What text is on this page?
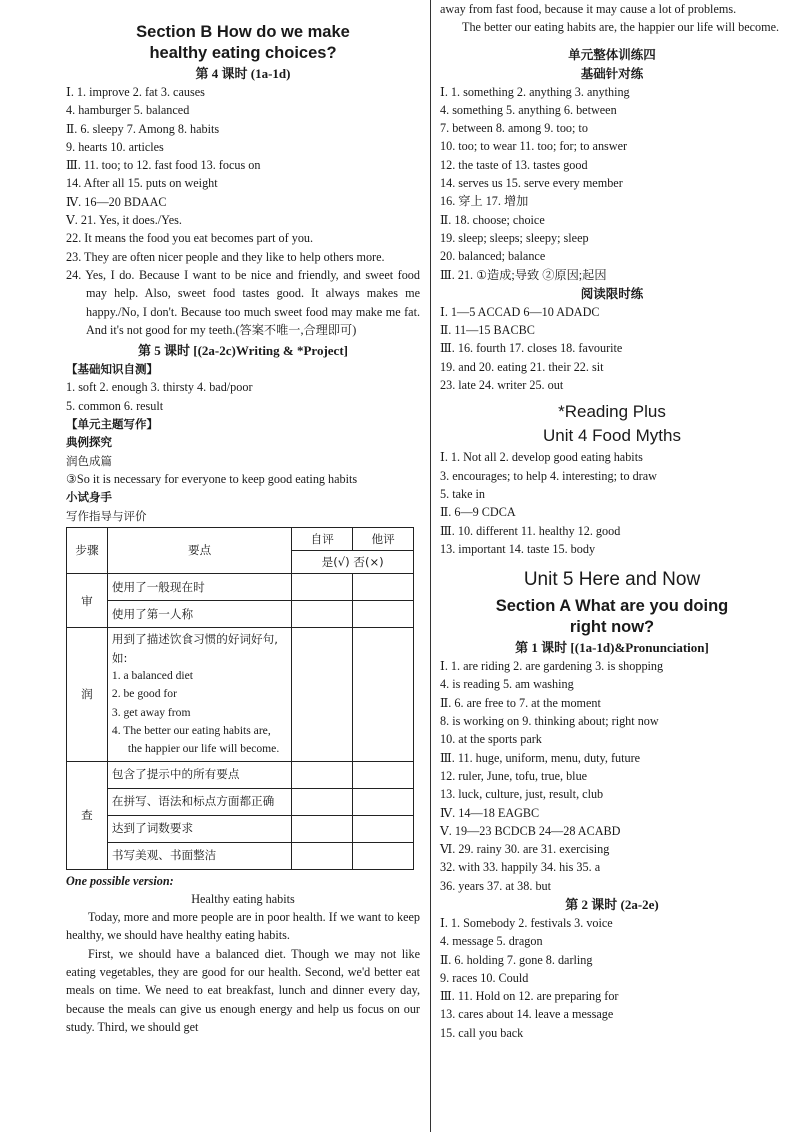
Section B How do we make
healthy eating choices?
第 4 课时 (1a-1d)
Ⅰ. 1. improve 2. fat 3. causes
4. hamburger 5. balanced
Ⅱ. 6. sleepy 7. Among 8. habits
9. hearts 10. articles
Ⅲ. 11. too; to 12. fast food 13. focus on
14. After all 15. puts on weight
Ⅳ. 16—20 BDAAC
Ⅴ. 21. Yes, it does./Yes.
22. It means the food you eat becomes part of you.
23. They are often nicer people and they like to help others more.
24. Yes, I do. Because I want to be nice and friendly, and sweet food may help. Also, sweet food tastes good. It always makes me happy./No, I don't. Because too much sweet food may make me fat. And it's not good for my teeth.(答案不唯一,合理即可)
第 5 课时 [(2a-2c)Writing & *Project]
【基础知识自测】
1. soft 2. enough 3. thirsty 4. bad/poor
5. common 6. result
【单元主题写作】
典例探究
润色成篇
③So it is necessary for everyone to keep good eating habits
小试身手
写作指导与评价
步骤	要点	自评	他评
		是(√) 否(×)	
审	使用了一般现在时		
	使用了第一人称		
润	用到了描述饮食习惯的好词好句,如:
1. a balanced diet
2. be good for
3. get away from
4. The better our eating habits are, the happier our life will become.		

查	包含了提示中的所有要点		
	在拼写、语法和标点方面都正确		
	达到了词数要求		
	书写美观、书面整洁		
One possible version:
Healthy eating habits
Today, more and more people are in poor health. If we want to keep healthy, we should have healthy eating habits.
First, we should have a balanced diet. Though we may not like eating vegetables, they are good for our health. Second, we'd better eat meals on time. We need to eat breakfast, lunch and dinner every day, because the meals can give us enough energy and help us focus on our study. Third, we should get
away from fast food, because it may cause a lot of problems.
The better our eating habits are, the happier our life will become.
单元整体训练四
基础针对练
Ⅰ. 1. something 2. anything 3. anything
4. something 5. anything 6. between
7. between 8. among 9. too; to
10. too; to wear 11. too; for; to answer
12. the taste of 13. tastes good
14. serves us 15. serve every member
16. 穿上 17. 增加
Ⅱ. 18. choose; choice
19. sleep; sleeps; sleepy; sleep
20. balanced; balance
Ⅲ. 21. ①造成;导致 ②原因;起因
阅读限时练
Ⅰ. 1—5 ACCAD 6—10 ADADC
Ⅱ. 11—15 BACBC
Ⅲ. 16. fourth 17. closes 18. favourite
19. and 20. eating 21. their 22. sit
23. late 24. writer 25. out
*Reading Plus
Unit 4 Food Myths
Ⅰ. 1. Not all 2. develop good eating habits
3. encourages; to help 4. interesting; to draw
5. take in
Ⅱ. 6—9 CDCA
Ⅲ. 10. different 11. healthy 12. good
13. important 14. taste 15. body
Unit 5 Here and Now
Section A What are you doing
right now?
第 1 课时 [(1a-1d)&Pronunciation]
Ⅰ. 1. are riding 2. are gardening 3. is shopping
4. is reading 5. am washing
Ⅱ. 6. are free to 7. at the moment
8. is working on 9. thinking about; right now
10. at the sports park
Ⅲ. 11. huge, uniform, menu, duty, future
12. ruler, June, tofu, true, blue
13. luck, culture, just, result, club
Ⅳ. 14—18 EAGBC
Ⅴ. 19—23 BCDCB 24—28 ACABD
Ⅵ. 29. rainy 30. are 31. exercising
32. with 33. happily 34. his 35. a
36. years 37. at 38. but
第 2 课时 (2a-2e)
Ⅰ. 1. Somebody 2. festivals 3. voice
4. message 5. dragon
Ⅱ. 6. holding 7. gone 8. darling
9. races 10. Could
Ⅲ. 11. Hold on 12. are preparing for
13. cares about 14. leave a message
15. call you back
